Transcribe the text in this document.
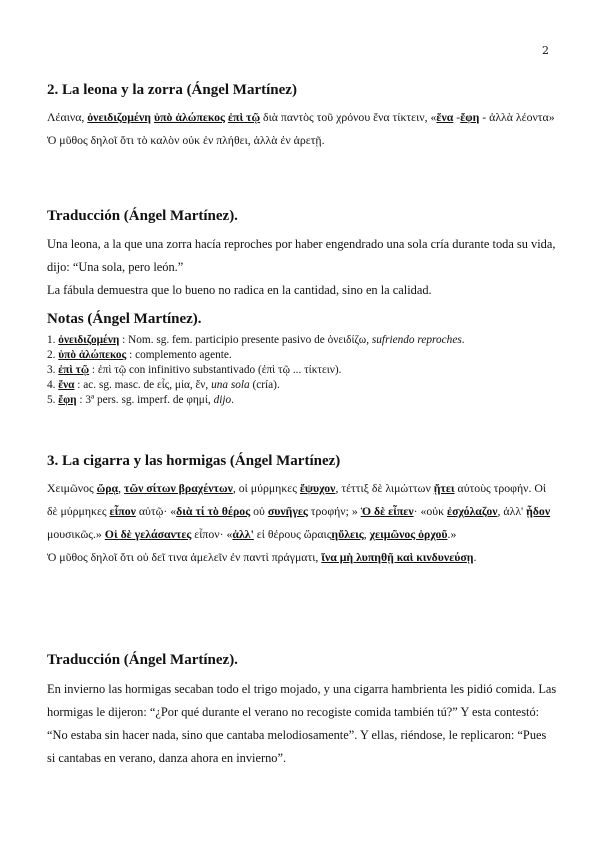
2

2. La leona y la zorra (Ángel Martínez)

Λέαινα, ὀνειδιζομένη ὑπὸ ἀλώπεκος ἐπὶ τῷ διὰ παντὸς τοῦ χρόνου ἕνα τίκτειν, «ἕνα -ἔφη - ἀλλὰ λέοντα»

Ὁ μῦθος δηλοῖ ὅτι τὸ καλὸν οὐκ ἐν πλήθει, ἀλλὰ ἐν ἀρετῇ.

Traducción (Ángel Martínez).

Una leona, a la que una zorra hacía reproches por haber engendrado una sola cría durante toda su vida, dijo: “Una sola, pero león.”

La fábula demuestra que lo bueno no radica en la cantidad, sino en la calidad.

Notas (Ángel Martínez).

1. ὀνειδιζομένη : Nom. sg. fem. participio presente pasivo de ὀνειδίζω, sufriendo reproches.

2. ὑπὸ ἀλώπεκος : complemento agente.

3. ἐπὶ τῷ : ἐπὶ τῷ con infinitivo substantivado (ἐπὶ τῷ ... τίκτειν).

4. ἕνα : ac. sg. masc. de εἷς, μία, ἕν, una sola (cría).

5. ἔφη : 3ª pers. sg. imperf. de φημί, dijo.

3. La cigarra y las hormigas (Ángel Martínez)

Χειμῶνος ὥρᾳ, τῶν σίτων βραχέντων, οἱ μύρμηκες ἔψυχον, τέττιξ δὲ λιμώττων ᾔτει αὐτοὺς τροφήν. Οἱ δὲ μύρμηκες εἶπον αὐτῷ· «διὰ τί τὸ θέρος οὐ συνῆγες τροφήν; » Ὁ δὲ εἶπεν· «οὐκ ἐσχόλαζον, ἀλλ' ᾖδον μουσικῶς.» Οἱ δὲ γελάσαντες εἶπον· «ἀλλ' εἰ θέρους ὥραιςηὔλεις, χειμῶνος ὀρχοῦ.»

Ὁ μῦθος δηλοῖ ὅτι οὐ δεῖ τινα ἀμελεῖν ἐν παντὶ πράγματι, ἵνα μὴ λυπηθῇ καὶ κινδυνεύσῃ.

Traducción (Ángel Martínez).

En invierno las hormigas secaban todo el trigo mojado, y una cigarra hambrienta les pidió comida. Las hormigas le dijeron: “¿Por qué durante el verano no recogiste comida también tú?” Y esta contestó: “No estaba sin hacer nada, sino que cantaba melodiosamente”. Y ellas, riéndose, le replicaron: “Pues si cantabas en verano, danza ahora en invierno”.
